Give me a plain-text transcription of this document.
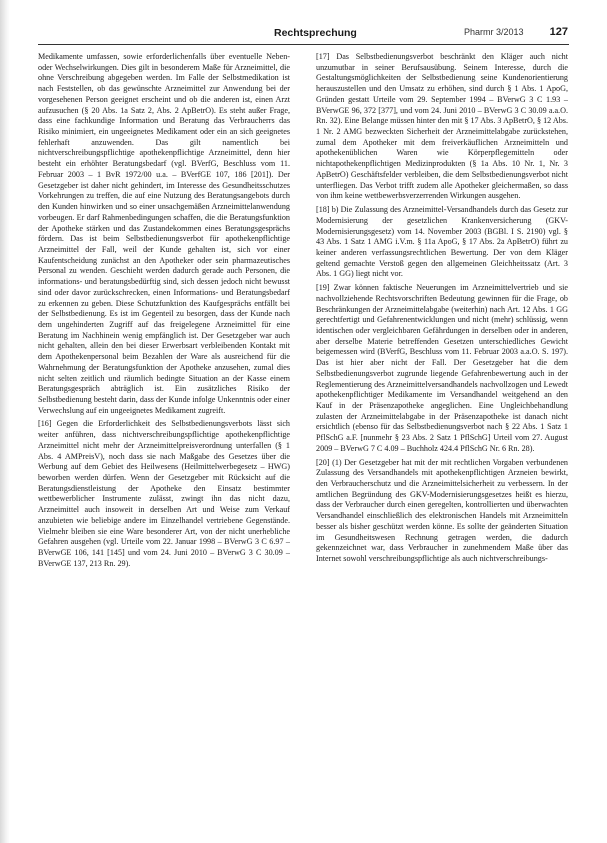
Rechtsprechung	Pharmr 3/2013 127

Medikamente umfassen, sowie erforderlichenfalls über eventuelle Neben- oder Wechselwirkungen. Dies gilt in besonderem Maße für Arzneimittel, die ohne Verschreibung abgegeben werden. Im Falle der Selbstmedikation ist nach Feststellen, ob das gewünschte Arzneimittel zur Anwendung bei der vorgesehenen Person geeignet erscheint und ob die anderen ist, einen Arzt aufzusuchen (§ 20 Abs. 1a Satz 2, Abs. 2 ApBetrO). Es steht außer Frage, dass eine fachkundige Information und Beratung das Verbraucherrs das Risiko minimiert, ein ungeeignetes Medikament oder ein an sich geeignetes fehlerhaft anzuwenden. Das gilt namentlich bei nichtverschreibungspflichtige apothekenpflichtige Arzneimittel, denn hier besteht ein erhöhter Beratungsbedarf (vgl. BVerfG, Beschluss vom 11. Februar 2003 – 1 BvR 1972/00 u.a. – BVerfGE 107, 186 [201]). Der Gesetzgeber ist daher nicht gehindert, im Interesse des Gesundheitsschutzes Vorkehrungen zu treffen, die auf eine Nutzung des Beratungsangebots durch den Kunden hinwirken und so einer unsachgemäßen Arzneimittelanwendung vorbeugen. Er darf Rahmenbedingungen schaffen, die die Beratungsfunktion der Apotheke stärken und das Zustandekommen eines Beratungsgesprächs fördern. Das ist beim Selbstbedienungsverbot für apothekenpflichtige Arzneimittel der Fall, weil der Kunde gehalten ist, sich vor einer Kaufentscheidung zunächst an den Apotheker oder sein pharmazeutisches Personal zu wenden. Geschieht werden dadurch gerade auch Personen, die informations- und beratungsbedürftig sind, sich dessen jedoch nicht bewusst sind oder davor zurückschrecken, einen Informations- und Beratungsbedarf zu erkennen zu geben. Diese Schutzfunktion des Kaufgesprächs entfällt bei der Selbstbedienung. Es ist im Gegenteil zu besorgen, dass der Kunde nach dem ungehinderten Zugriff auf das freigelegene Arzneimittel für eine Beratung im Nachhinein wenig empfänglich ist. Der Gesetzgeber war auch nicht gehalten, allein den bei dieser Erwerbsart verbleibenden Kontakt mit dem Apothekenpersonal beim Bezahlen der Ware als ausreichend für die Wahrnehmung der Beratungsfunktion der Apotheke anzusehen, zumal dies nicht selten zeitlich und räumlich bedingte Situation an der Kasse einem Beratungsgespräch abträglich ist. Ein zusätzliches Risiko der Selbstbedienung besteht darin, dass der Kunde infolge Unkenntnis oder einer Verwechslung auf ein ungeeignetes Medikament zugreift.

[16] Gegen die Erforderlichkeit des Selbstbedienungsverbots lässt sich weiter anführen, dass nichtverschreibungspflichtige apothekenpflichtige Arzneimittel nicht mehr der Arzneimittelpreisverordnung unterfallen (§ 1 Abs. 4 AMPreisV), noch dass sie nach Maßgabe des Gesetzes über die Werbung auf dem Gebiet des Heilwesens (Heilmittelwerbegesetz – HWG) beworben werden dürfen. Wenn der Gesetzgeber mit Rücksicht auf die Beratungsdienstleistung der Apotheke den Einsatz bestimmter wettbewerblicher Instrumente zulässt, zwingt ihn das nicht dazu, Arzneimittel auch insoweit in derselben Art und Weise zum Verkauf anzubieten wie beliebige andere im Einzelhandel vertriebene Gegenstände. Vielmehr bleiben sie eine Ware besonderer Art, von der nicht unerhebliche Gefahren ausgehen (vgl. Urteile vom 22. Januar 1998 – BVerwG 3 C 6.97 – BVerwGE 106, 141 [145] und vom 24. Juni 2010 – BVerwG 3 C 30.09 – BVerwGE 137, 213 Rn. 29).

[17] Das Selbstbedienungsverbot beschränkt den Kläger auch nicht unzumutbar in seiner Berufsausübung. Seinem Interesse, durch die Gestaltungsmöglichkeiten der Selbstbedienung seine Kundenorientierung herauszustellen und den Umsatz zu erhöhen, sind durch § 1 Abs. 1 ApoG, Gründen gestatt Urteile vom 29. September 1994 – BVerwG 3 C 1.93 – BVerwGE 96, 372 [377], und vom 24. Juni 2010 – BVerwG 3 C 30.09 a.a.O. Rn. 32). Eine Belange müssen hinter den mit § 17 Abs. 3 ApBetrO, § 12 Abs. 1 Nr. 2 AMG bezweckten Sicherheit der Arzneimittelabgabe zurückstehen, zumal dem Apotheker mit dem freiverkäuflichen Arzneimitteln und apothekenüblichen Waren wie Körperpflegemitteln oder nichtapothekenpflichtigen Medizinprodukten (§ 1a Abs. 10 Nr. 1, Nr. 3 ApBetrO) Geschäftsfelder verbleiben, die dem Selbstbedienungsverbot nicht unterfliegen. Das Verbot trifft zudem alle Apotheker gleichermaßen, so dass von ihm keine wettbewerbsverzerrenden Wirkungen ausgehen.

[18] b) Die Zulassung des Arzneimittel-Versandhandels durch das Gesetz zur Modernisierung der gesetzlichen Krankenversicherung (GKV-Modernisierungsgesetz) vom 14. November 2003 (BGBl. I S. 2190) vgl. § 43 Abs. 1 Satz 1 AMG i.V.m. § 11a ApoG, § 17 Abs. 2a ApBetrO) führt zu keiner anderen verfassungsrechtlichen Bewertung. Der von dem Kläger geltend gemachte Verstoß gegen den allgemeinen Gleichheitssatz (Art. 3 Abs. 1 GG) liegt nicht vor.

[19] Zwar können faktische Neuerungen im Arzneimittelvertrieb und sie nachvollziehende Rechtsvorschriften Bedeutung gewinnen für die Frage, ob Beschränkungen der Arzneimittelabgabe (weiterhin) nach Art. 12 Abs. 1 GG gerechtfertigt und Gefahrenentwicklungen und nicht (mehr) schlüssig, wenn identischen oder vergleichbaren Gefährdungen in derselben oder in anderen, aber derselbe Materie betreffenden Gesetzen unterschiedliches Gewicht beigemessen wird (BVerfG, Beschluss vom 11. Februar 2003 a.a.O. S. 197). Das ist hier aber nicht der Fall. Der Gesetzgeber hat die dem Selbstbedienungsverbot zugrunde liegende Gefahrenbewertung auch in der Reglementierung des Arzneimittelversandhandels nachvollzogen und Lewedt apothekenpflichtiger Medikamente im Versandhandel weitgehend an den Kauf in der Präsenzapotheke angeglichen. Eine Ungleichbehandlung zulasten der Arzneimittelabgabe in der Präsenzapotheke ist danach nicht ersichtlich (ebenso für das Selbstbedienungsverbot nach § 22 Abs. 1 Satz 1 PflSchG a.F. [nunmehr § 23 Abs. 2 Satz 1 PflSchG] Urteil vom 27. August 2009 – BVerwG 7 C 4.09 – Buchholz 424.4 PflSchG Nr. 6 Rn. 28).

[20] (1) Der Gesetzgeber hat mit der mit rechtlichen Vorgaben verbundenen Zulassung des Versandhandels mit apothekenpflichtigen Arzneien bewirkt, den Verbraucherschutz und die Arzneimittelsicherheit zu verbessern. In der amtlichen Begründung des GKV-Modernisierungsgesetzes heißt es hierzu, dass der Verbraucher durch einen geregelten, kontrollierten und überwachten Versandhandel einschließlich des elektronischen Handels mit Arzneimitteln besser als bisher geschützt werden könne. Es sollte der geänderten Situation im Gesundheitswesen Rechnung getragen werden, die dadurch gekennzeichnet war, dass Verbraucher in zunehmendem Maße über das Internet sowohl verschreibungspflichtige als auch nichtverschreibungs-
